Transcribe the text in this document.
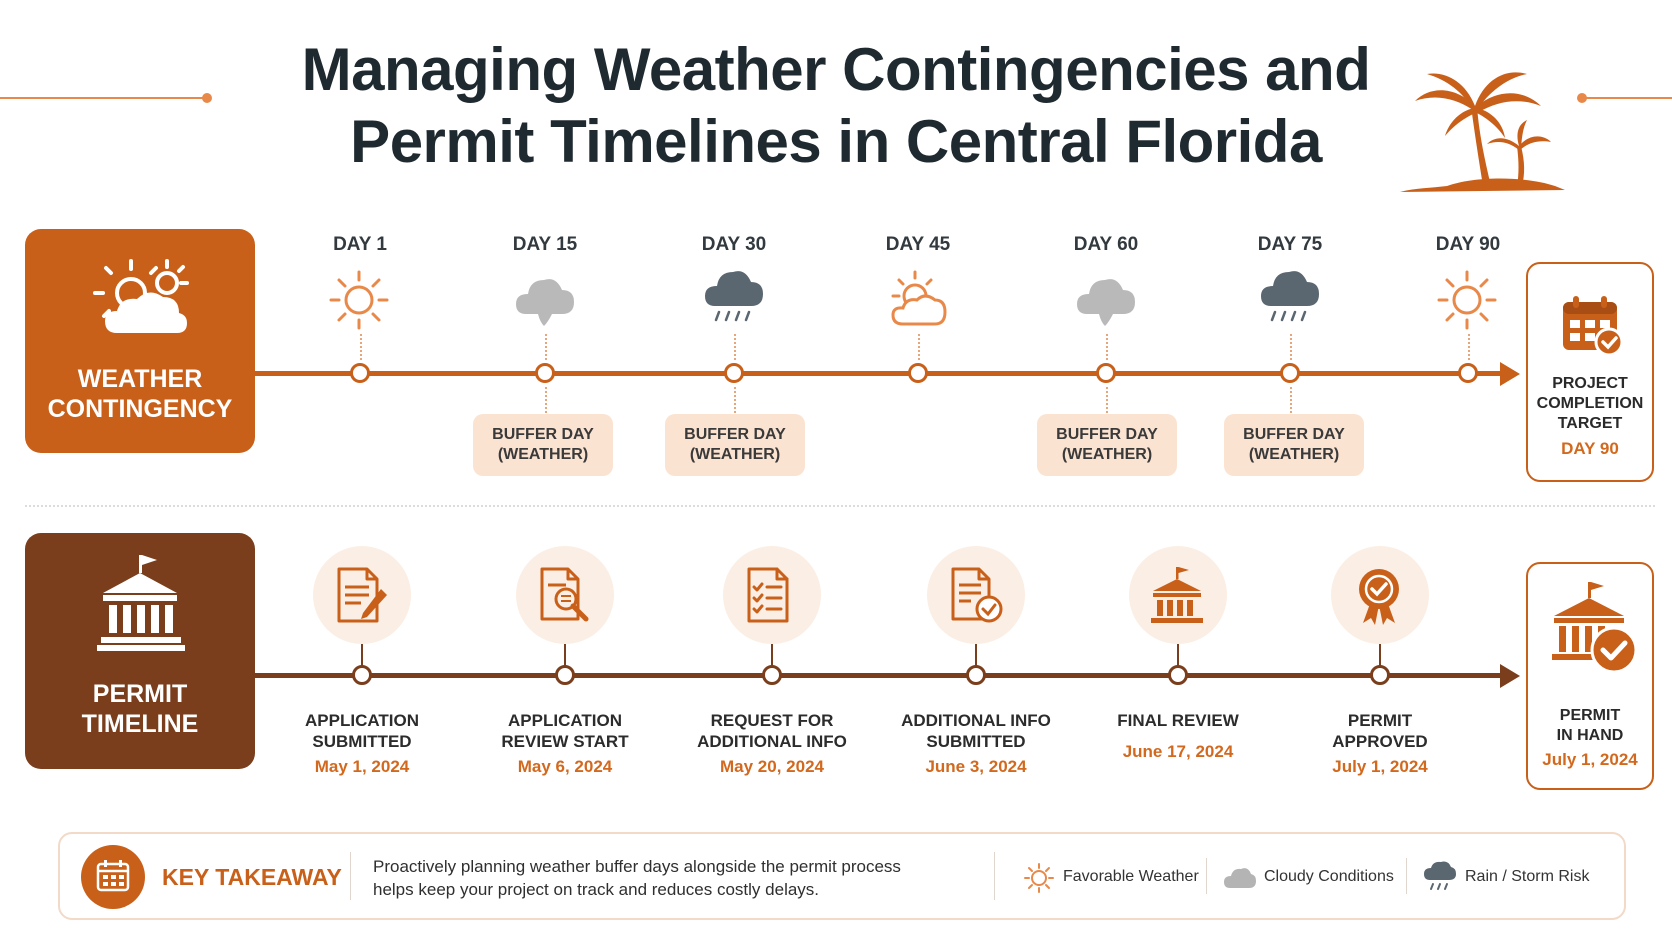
Managing Weather Contingencies and
Permit Timelines in Central Florida
WEATHER
CONTINGENCY
DAY 1	DAY 15	DAY 30	DAY 45	DAY 60	DAY 75	DAY 90
BUFFER DAY
(WEATHER)
BUFFER DAY
(WEATHER)
BUFFER DAY
(WEATHER)
BUFFER DAY
(WEATHER)
PROJECT
COMPLETION
TARGET
DAY 90
PERMIT
TIMELINE	APPLICATION
SUBMITTED
May 1, 2024
APPLICATION
REVIEW START
May 6, 2024
REQUEST FOR
ADDITIONAL INFO
May 20, 2024
ADDITIONAL INFO
SUBMITTED
June 3, 2024
FINAL REVIEW
June 17, 2024
PERMIT
APPROVED
July 1, 2024
PERMIT
IN HAND
July 1, 2024
KEY TAKEAWAY Proactively planning weather buffer days alongside the permit process
helps keep your project on track and reduces costly delays.
Favorable Weather	Cloudy Conditions	Rain / Storm Risk
